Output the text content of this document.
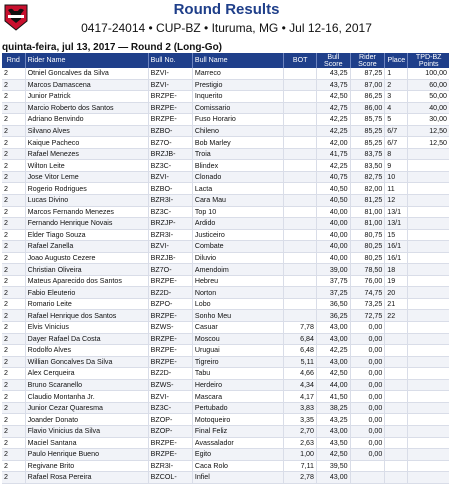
Round Results
0417-24014 • CUP-BZ • Ituruma, MG • Jul 12-16, 2017
quinta-feira, jul 13, 2017 — Round 2 (Long-Go)
Rnd	Rider Name	Bull No.	Bull Name	BOT	Bull Score	Rider Score	Place	TPD-BZ Points
2	Otniel Goncalves da Silva	BZVI-	Marreco		43,25	87,25	1	100,00
2	Marcos Damascena	BZVI-	Prestigio		43,75	87,00	2	60,00
2	Junior Patrick	BRZPE-	Inquerito		42,50	86,25	3	50,00
2	Marcio Roberto dos Santos	BRZPE-	Comissario		42,75	86,00	4	40,00
2	Adriano Benvindo	BRZPE-	Fuso Horario		42,25	85,75	5	30,00
2	Silvano Alves	BZBO-	Chileno		42,25	85,25	6/7	12,50
2	Kaique Pacheco	BZ7O-	Bob Marley		42,00	85,25	6/7	12,50
2	Rafael Menezes	BRZJB-	Troia		41,75	83,75	8	
2	Wilton Leite	BZ3C-	Blindex		42,25	83,50	9	
2	Jose Vitor Leme	BZVI-	Clonado		40,75	82,75	10	
2	Rogerio Rodrigues	BZBO-	Lacta		40,50	82,00	11	
2	Lucas Divino	BZR3I-	Cara Mau		40,50	81,25	12	
2	Marcos Fernando Menezes	BZ3C-	Top 10		40,00	81,00	13/1	
2	Fernando Henrique Novais	BRZJP-	Ardido		40,00	81,00	13/1	
2	Elder Tiago Souza	BZR3I-	Justiceiro		40,00	80,75	15	
2	Rafael Zanella	BZVI-	Combate		40,00	80,25	16/1	
2	Joao Augusto Cezere	BRZJB-	Diluvio		40,00	80,25	16/1	
2	Christian Oliveira	BZ7O-	Amendoim		39,00	78,50	18	
2	Mateus Aparecido dos Santos	BRZPE-	Hebreu		37,75	76,00	19	
2	Fabio Eleuterio	BZ2D-	Norton		37,25	74,75	20	
2	Romario Leite	BZPO-	Lobo		36,50	73,25	21	
2	Rafael Henrique dos Santos	BRZPE-	Sonho Meu		36,25	72,75	22	
2	Elvis Vinicius	BZWS-	Casuar	7,78	43,00	0,00		
2	Dayer Rafael Da Costa	BRZPE-	Moscou	6,84	43,00	0,00		
2	Rodolfo Alves	BRZPE-	Uruguai	6,48	42,25	0,00		
2	Willian Goncalves Da Silva	BRZPE-	Tigreiro	5,11	43,00	0,00		
2	Alex Cerqueira	BZ2D-	Tabu	4,66	42,50	0,00		
2	Bruno Scaranello	BZWS-	Herdeiro	4,34	44,00	0,00		
2	Claudio Montanha Jr.	BZVI-	Mascara	4,17	41,50	0,00		
2	Junior Cezar Quaresma	BZ3C-	Pertubado	3,83	38,25	0,00		
2	Joander Donato	BZOP-	Motoqueiro	3,35	43,25	0,00		
2	Flavio Vinicius da Silva	BZOP-	Final Feliz	2,70	43,00	0,00		
2	Maciel Santana	BRZPE-	Avassalador	2,63	43,50	0,00		
2	Paulo Henrique Bueno	BRZPE-	Egito	1,00	42,50	0,00		
2	Regivane Brito	BZR3I-	Caca Rolo	7,11	39,50			
2	Rafael Rosa Pereira	BZCOL-	Infiel	2,78	43,00			
